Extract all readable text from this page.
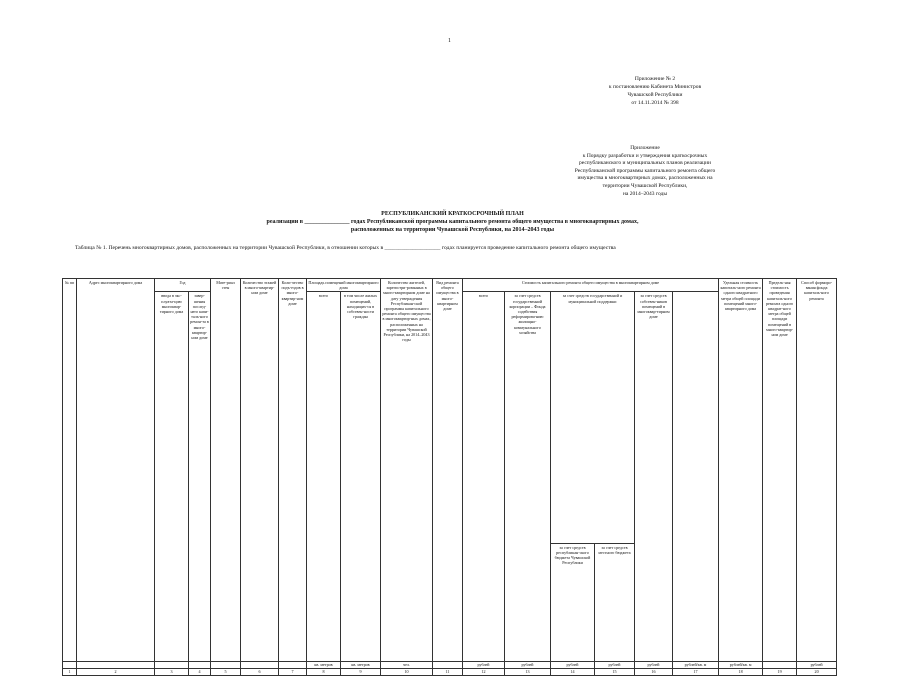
1
Приложение № 2
к постановлению Кабинета Министров
Чувашской Республики
от 14.11.2014 № 398
Приложение
к Порядку разработки и утверждения краткосрочных
республиканского и муниципальных планов реализации
Республиканской программы капитального ремонта общего
имущества в многоквартирных домах, расположенных на
территории Чувашской Республики,
на 2014–2043 годы
РЕСПУБЛИКАНСКИЙ КРАТКОСРОЧНЫЙ ПЛАН
реализации в _______________ годах Республиканской программы капитального ремонта общего имущества в многоквартирных домах,
расположенных на территории Чувашской Республики, на 2014–2043 годы
Таблица № 1. Перечень многоквартирных домов, расположенных на территории Чувашской Республики, в отношении которых в ____________________ годах планируется проведение капитального ремонта общего имущества
№ пп	Адрес многоквартирного дома	Год		Мате-риал стен	Количество этажей в много-квартир-ном доме	Коли-чество подъ-ездов в много-квартир-ном доме	Площадь помещений многоквартирного дома		Количество жителей, зарегистри-рованных в много-квартирном доме на дату утверждения Республикан-ской программы капитального ремонта общего имущества в многоквартир-ных домах, расположенных на территории Чувашской Республики, на 2014–2043 годы	Вид ремонта общего имущества в много-квартирном доме	Стоимость капитального ремонта общего имущества в многоквартирном доме						Удельная стоимость капиталь-ного ремонта одного квадратного метра общей площади помещений много-квартирного дома	Предель-ная стоимость проведения капиталь-ного ремонта одного квадрат-ного метра общей площади помещений в много-квартир-ном доме	Способ формиро-вания фонда капиталь-ного ремонта	
		ввода в экс-плуата-цию многоквар-тирного дома	завер-шения послед-него капи-таль-ного ремон-та в много-квартир-ном доме				всего	в том числе жилых помещений, находящих-ся в собствен-ности граждан			всего	за счет средств государственной корпорации – Фонда содействия реформирова-нию жилищно-коммунального хозяйства	за счет средств государственной и муниципальной поддержки		за счет средств собствен-ников помещений в многоквар-тирном доме					
													за счет средств республикан-ского бюджета Чувашской Республики	за счет средств местного бюджета						
							кв. метров	кв. метров	чел.		рублей	рублей	рублей	рублей	рублей	рублей/кв. м	рублей/кв. м		рублей	
1	2	3	4	5	6	7	8	9	10	11	12	13	14	15	16	17	18	19	20	
